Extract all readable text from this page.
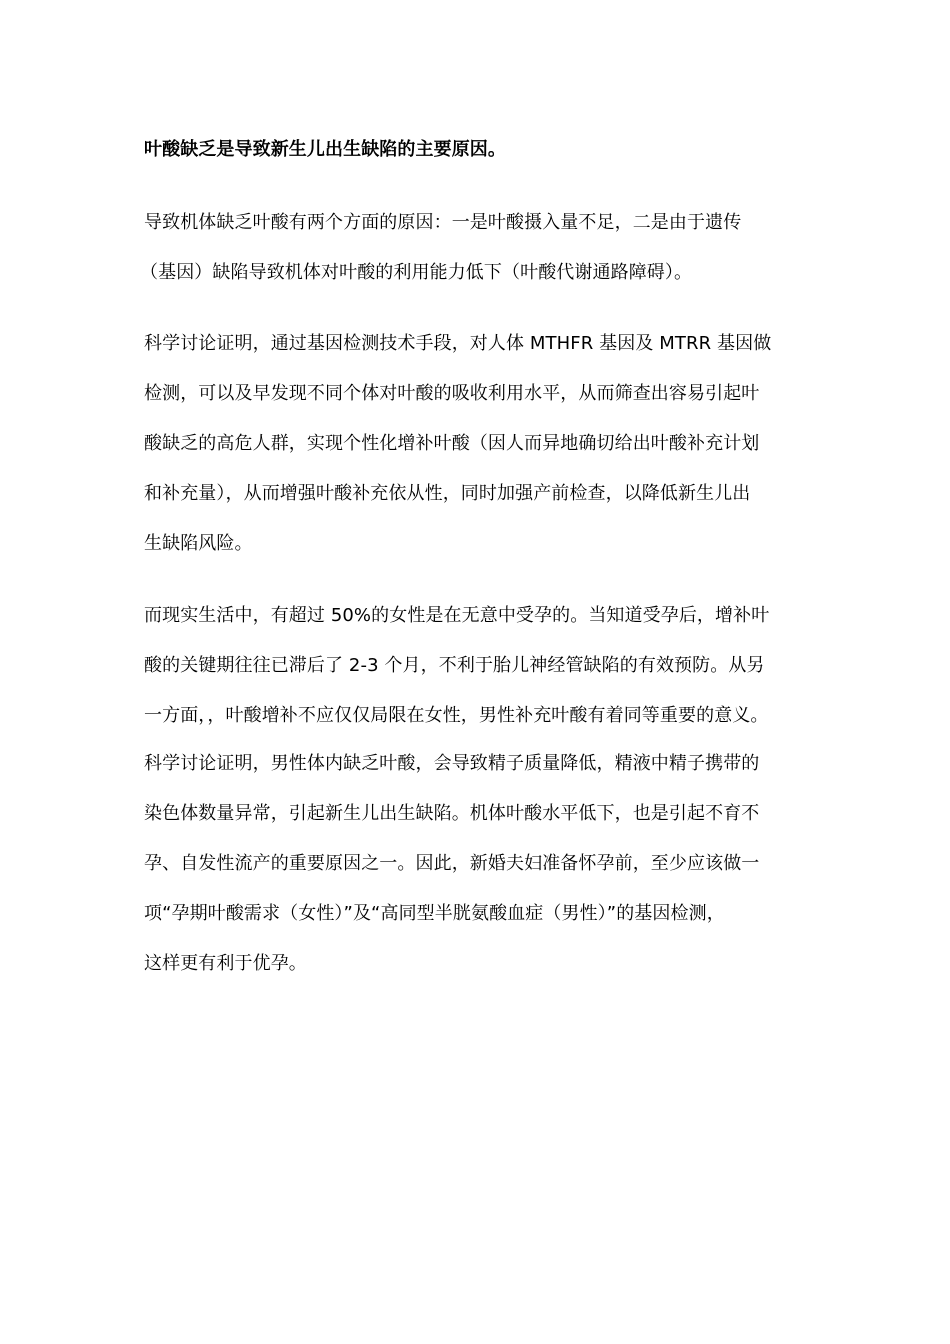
叶酸缺乏是导致新生儿出生缺陷的主要原因。
导致机体缺乏叶酸有两个方面的原因：一是叶酸摄入量不足，二是由于遗传
（基因）缺陷导致机体对叶酸的利用能力低下（叶酸代谢通路障碍）。
科学讨论证明，通过基因检测技术手段，对人体 MTHFR 基因及 MTRR 基因做
检测，可以及早发现不同个体对叶酸的吸收利用水平，从而筛查出容易引起叶
酸缺乏的高危人群，实现个性化增补叶酸（因人而异地确切给出叶酸补充计划
和补充量），从而增强叶酸补充依从性，同时加强产前检查，以降低新生儿出
生缺陷风险。
而现实生活中，有超过 50%的女性是在无意中受孕的。当知道受孕后，增补叶
酸的关键期往往已滞后了 2-3 个月，不利于胎儿神经管缺陷的有效预防。从另
一方面，，叶酸增补不应仅仅局限在女性，男性补充叶酸有着同等重要的意义。
科学讨论证明，男性体内缺乏叶酸，会导致精子质量降低，精液中精子携带的
染色体数量异常，引起新生儿出生缺陷。机体叶酸水平低下，也是引起不育不
孕、自发性流产的重要原因之一。因此，新婚夫妇准备怀孕前，至少应该做一
项“孕期叶酸需求（女性）”及“高同型半胱氨酸血症（男性）”的基因检测，
这样更有利于优孕。
